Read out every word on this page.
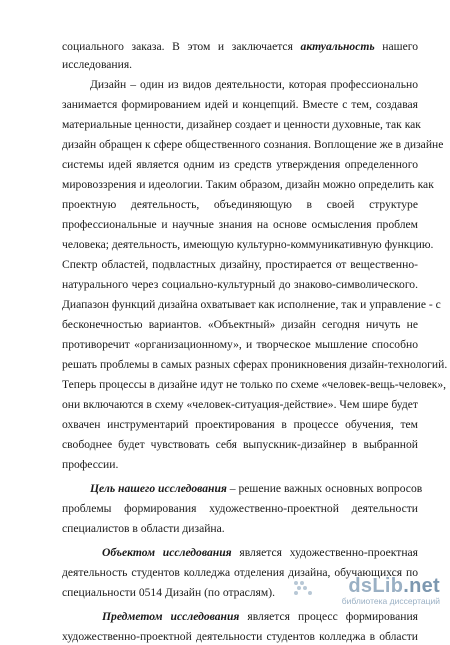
социального заказа. В этом и заключается актуальность нашего
исследования.
Дизайн – один из видов деятельности, которая профессионально
занимается формированием идей и концепций. Вместе с тем, создавая
материальные ценности, дизайнер создает и ценности духовные, так как
дизайн обращен к сфере общественного сознания. Воплощение же в дизайне
системы идей является одним из средств утверждения определенного
мировоззрения и идеологии. Таким образом, дизайн можно определить как
проектную деятельность, объединяющую в своей структуре
профессиональные и научные знания на основе осмысления проблем
человека; деятельность, имеющую культурно-коммуникативную функцию.
Спектр областей, подвластных дизайну, простирается от вещественно-
натурального через социально-культурный до знаково-символического.
Диапазон функций дизайна охватывает как исполнение, так и управление - с
бесконечностью вариантов. «Объектный» дизайн сегодня ничуть не
противоречит «организационному», и творческое мышление способно
решать проблемы в самых разных сферах проникновения дизайн-технологий.
Теперь процессы в дизайне идут не только по схеме «человек-вещь-человек»,
они включаются в схему «человек-ситуация-действие». Чем шире будет
охвачен инструментарий проектирования в процессе обучения, тем
свободнее будет чувствовать себя выпускник-дизайнер в выбранной
профессии.
Цель нашего исследования – решение важных основных вопросов
проблемы формирования художественно-проектной деятельности
специалистов в области дизайна.
Объектом исследования является художественно-проектная
деятельность студентов колледжа отделения дизайна, обучающихся по
специальности 0514 Дизайн (по отраслям).
Предметом исследования является процесс формирования
художественно-проектной деятельности студентов колледжа в области
dsLib.net
библиотека диссертаций
